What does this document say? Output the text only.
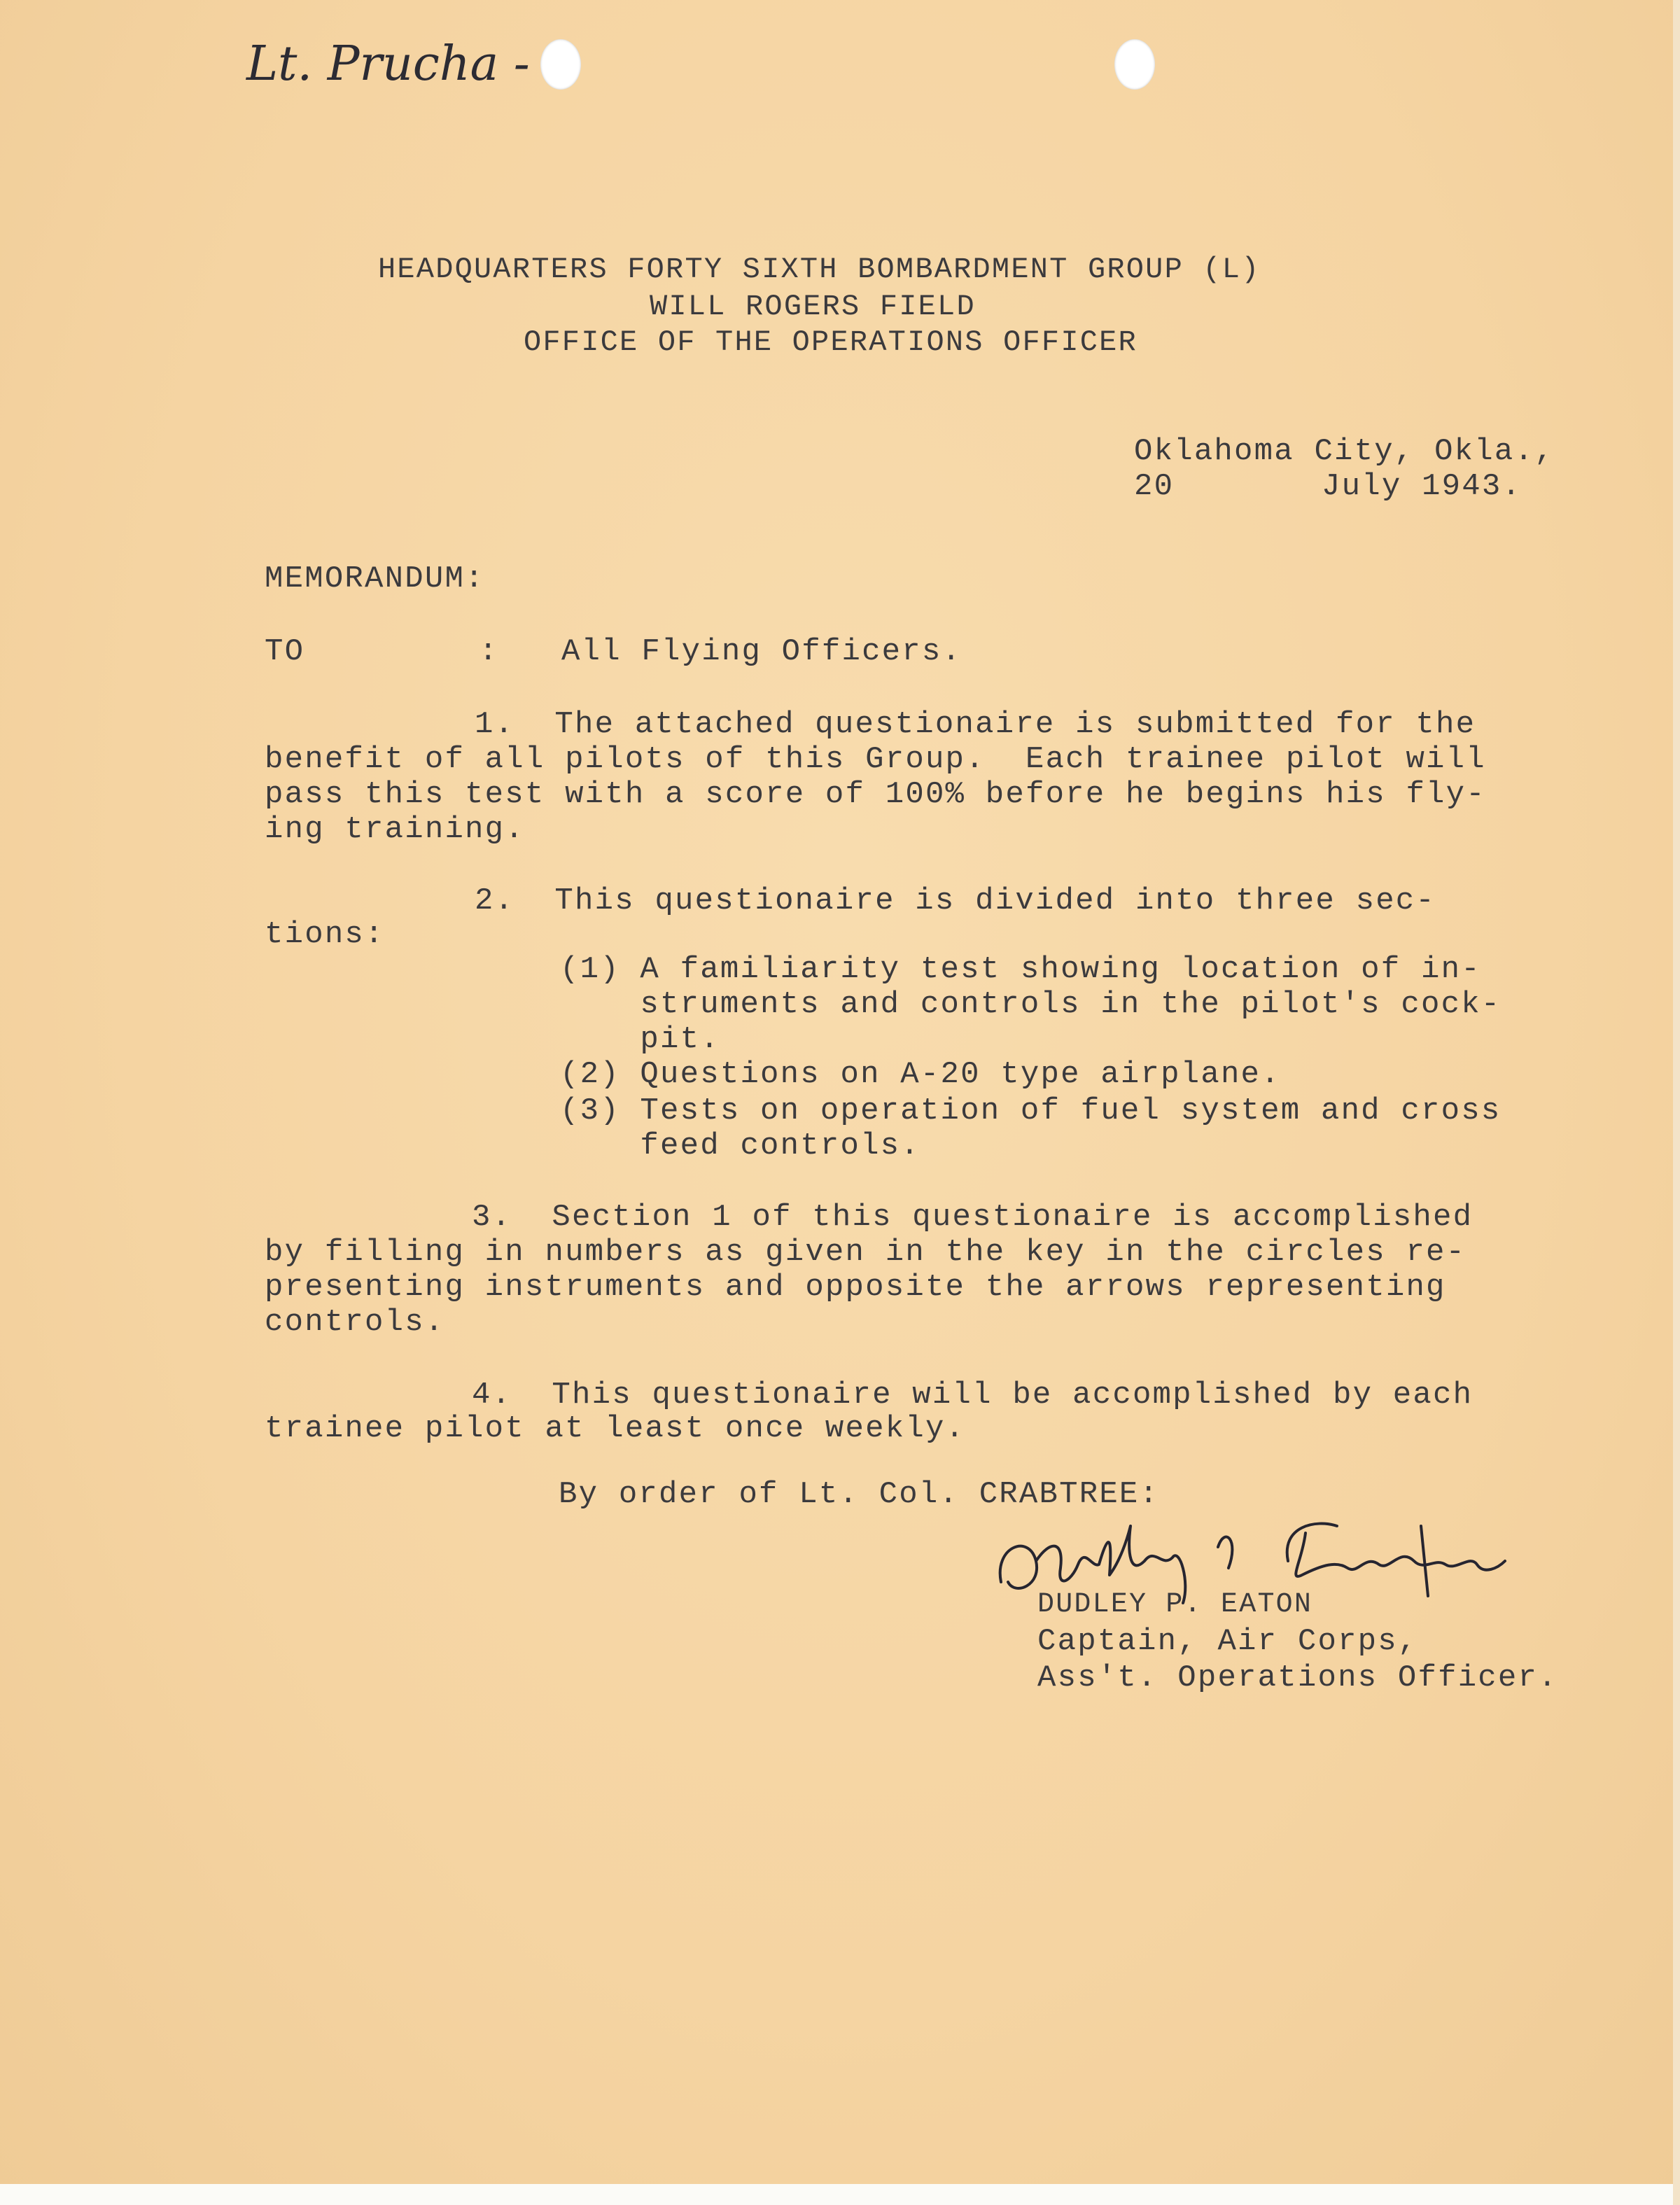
Lt. Prucha -
HEADQUARTERS FORTY SIXTH BOMBARDMENT GROUP (L)
WILL ROGERS FIELD
OFFICE OF THE OPERATIONS OFFICER
Oklahoma City, Okla.,
20	July 1943.
MEMORANDUM:
TO	: All Flying Officers.
1.  The attached questionaire is submitted for the
benefit of all pilots of this Group.  Each trainee pilot will
pass this test with a score of 100% before he begins his fly-
ing training.
2.  This questionaire is divided into three sec-
tions:
(1) A familiarity test showing location of in-
struments and controls in the pilot's cock-
pit.
(2) Questions on A-20 type airplane.
(3) Tests on operation of fuel system and cross
feed controls.
3.  Section 1 of this questionaire is accomplished
by filling in numbers as given in the key in the circles re-
presenting instruments and opposite the arrows representing
controls.
4.  This questionaire will be accomplished by each
trainee pilot at least once weekly.
By order of Lt. Col. CRABTREE:
DUDLEY P. EATON
Captain, Air Corps,
Ass't. Operations Officer.
